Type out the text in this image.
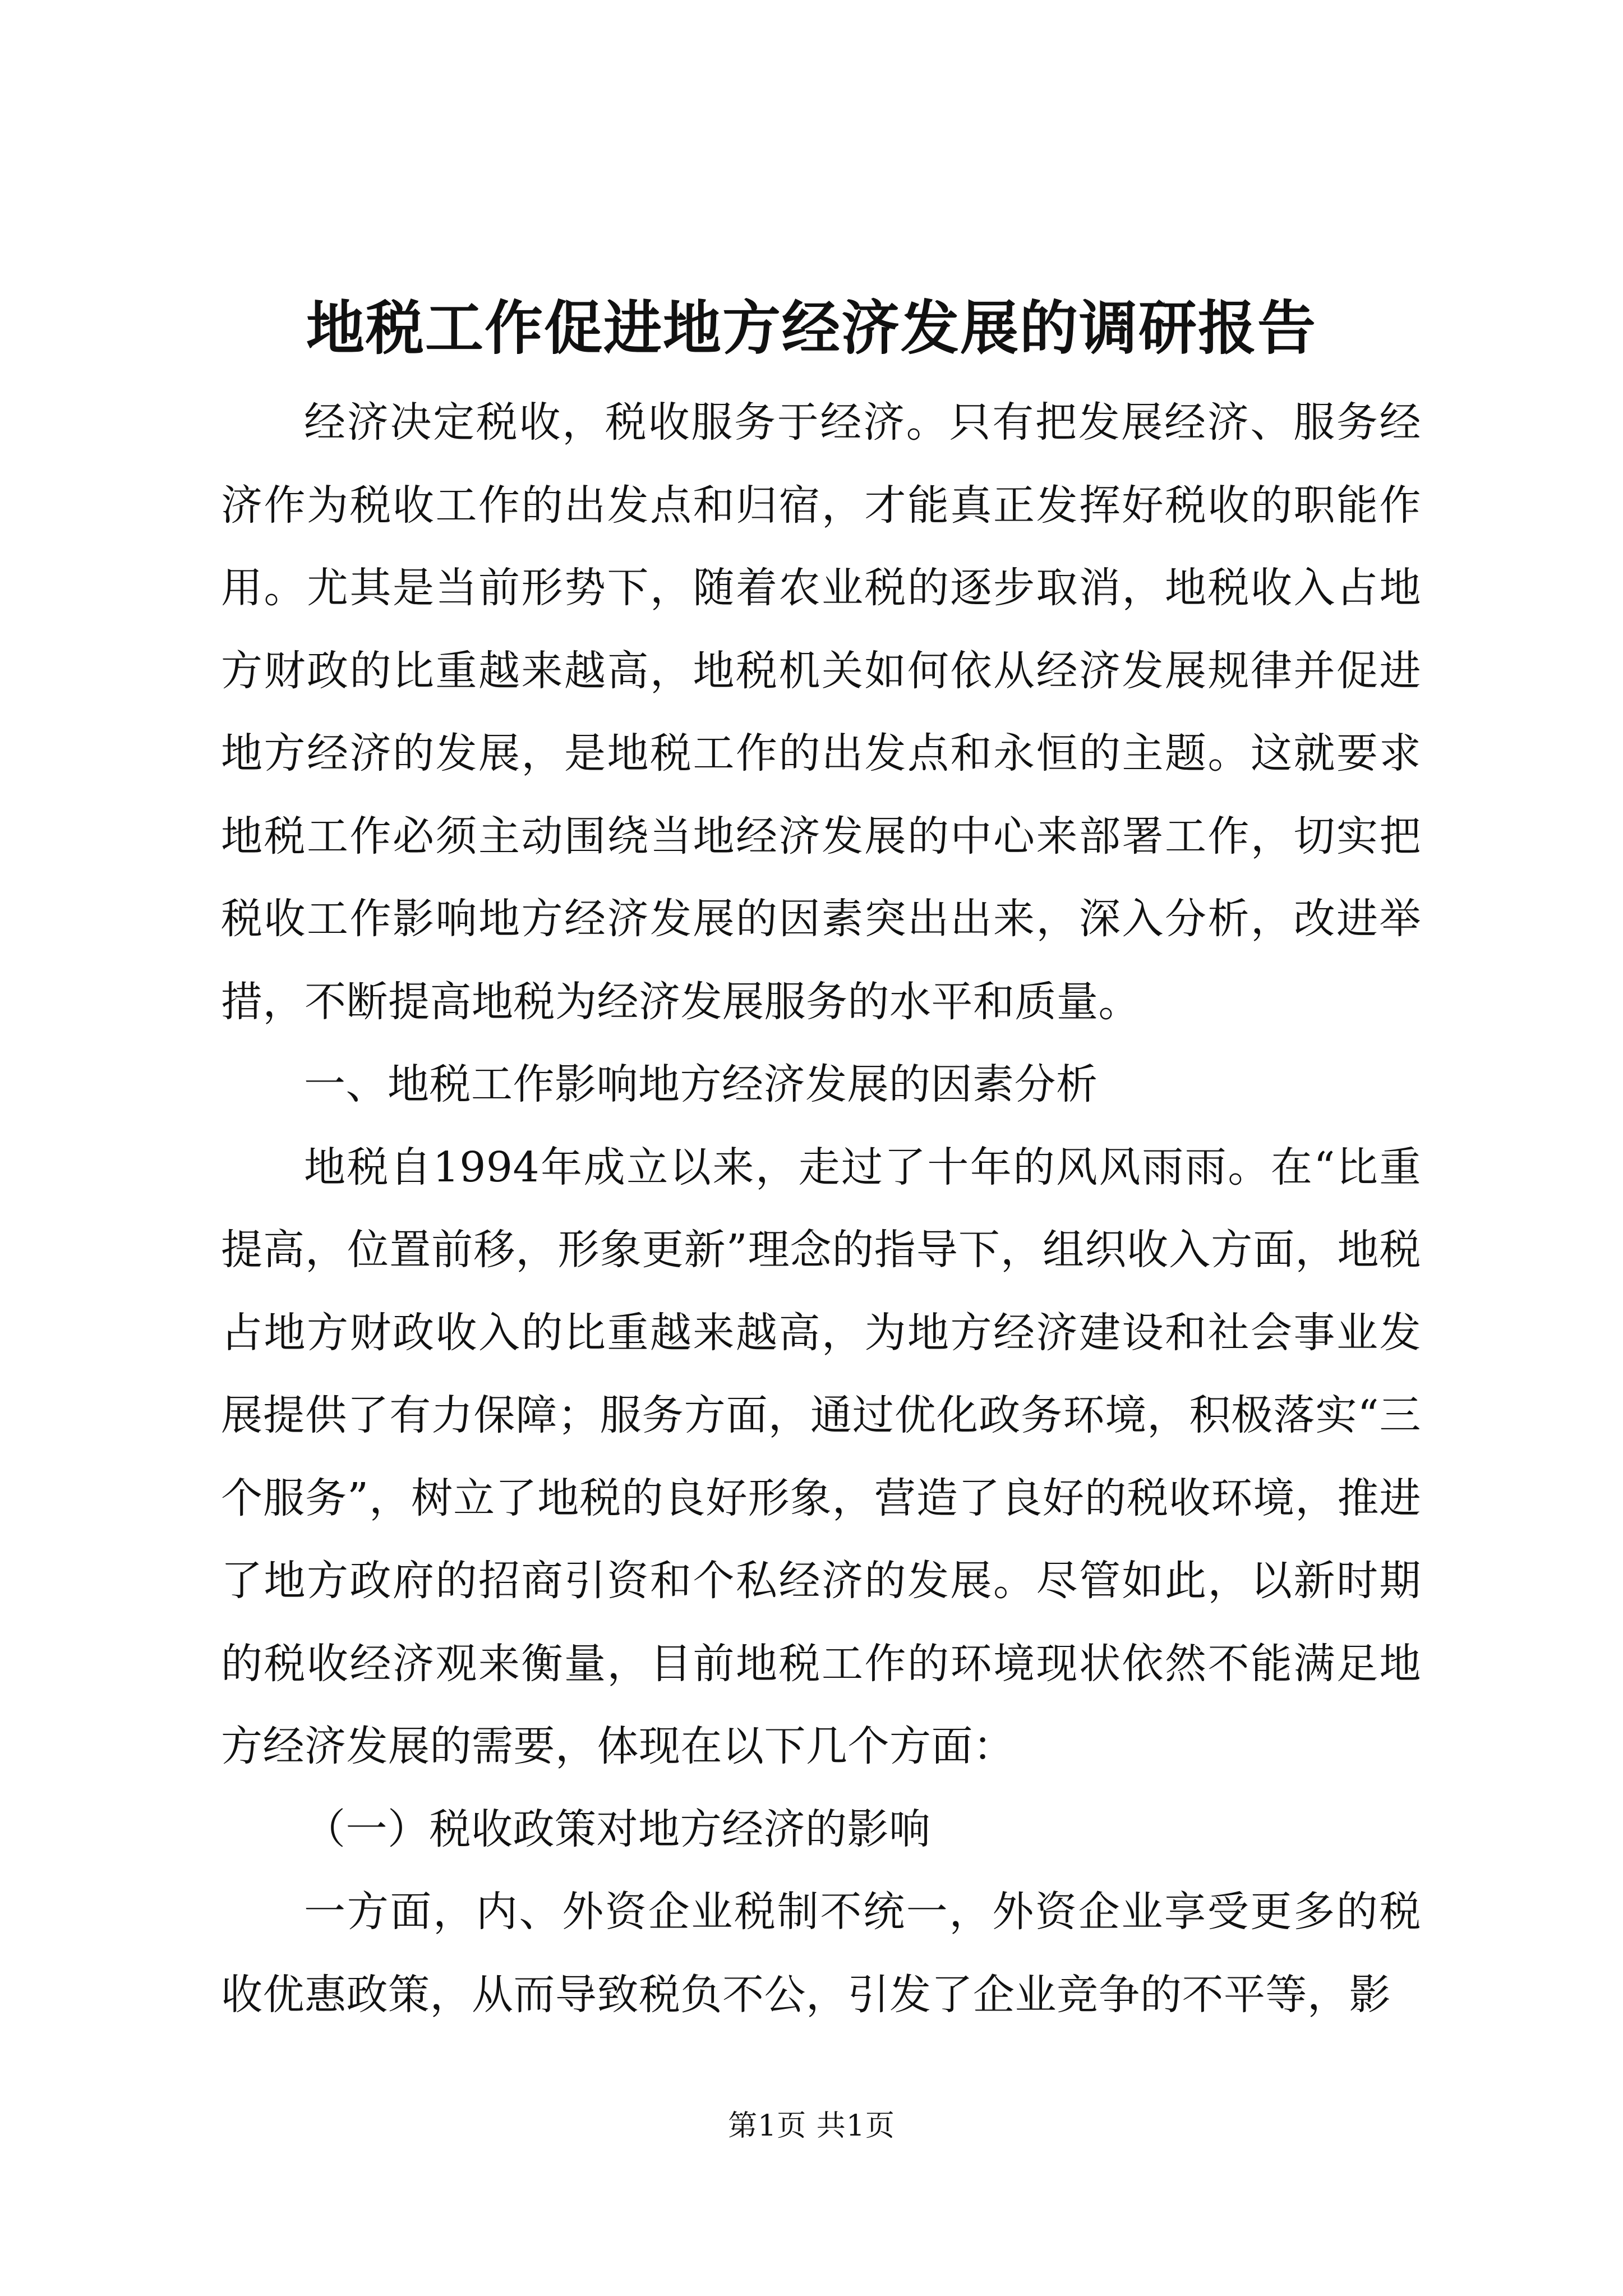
地税工作促进地方经济发展的调研报告

经济决定税收，税收服务于经济。只有把发展经济、服务经济作为税收工作的出发点和归宿，才能真正发挥好税收的职能作用。尤其是当前形势下，随着农业税的逐步取消，地税收入占地方财政的比重越来越高，地税机关如何依从经济发展规律并促进地方经济的发展，是地税工作的出发点和永恒的主题。这就要求地税工作必须主动围绕当地经济发展的中心来部署工作，切实把税收工作影响地方经济发展的因素突出出来，深入分析，改进举措，不断提高地税为经济发展服务的水平和质量。

一、地税工作影响地方经济发展的因素分析

地税自1994年成立以来，走过了十年的风风雨雨。在“比重提高，位置前移，形象更新”理念的指导下，组织收入方面，地税占地方财政收入的比重越来越高，为地方经济建设和社会事业发展提供了有力保障；服务方面，通过优化政务环境，积极落实“三个服务”，树立了地税的良好形象，营造了良好的税收环境，推进了地方政府的招商引资和个私经济的发展。尽管如此，以新时期的税收经济观来衡量，目前地税工作的环境现状依然不能满足地方经济发展的需要，体现在以下几个方面：

（一）税收政策对地方经济的影响

一方面，内、外资企业税制不统一，外资企业享受更多的税收优惠政策，从而导致税负不公，引发了企业竞争的不平等，影

第1页 共1页
